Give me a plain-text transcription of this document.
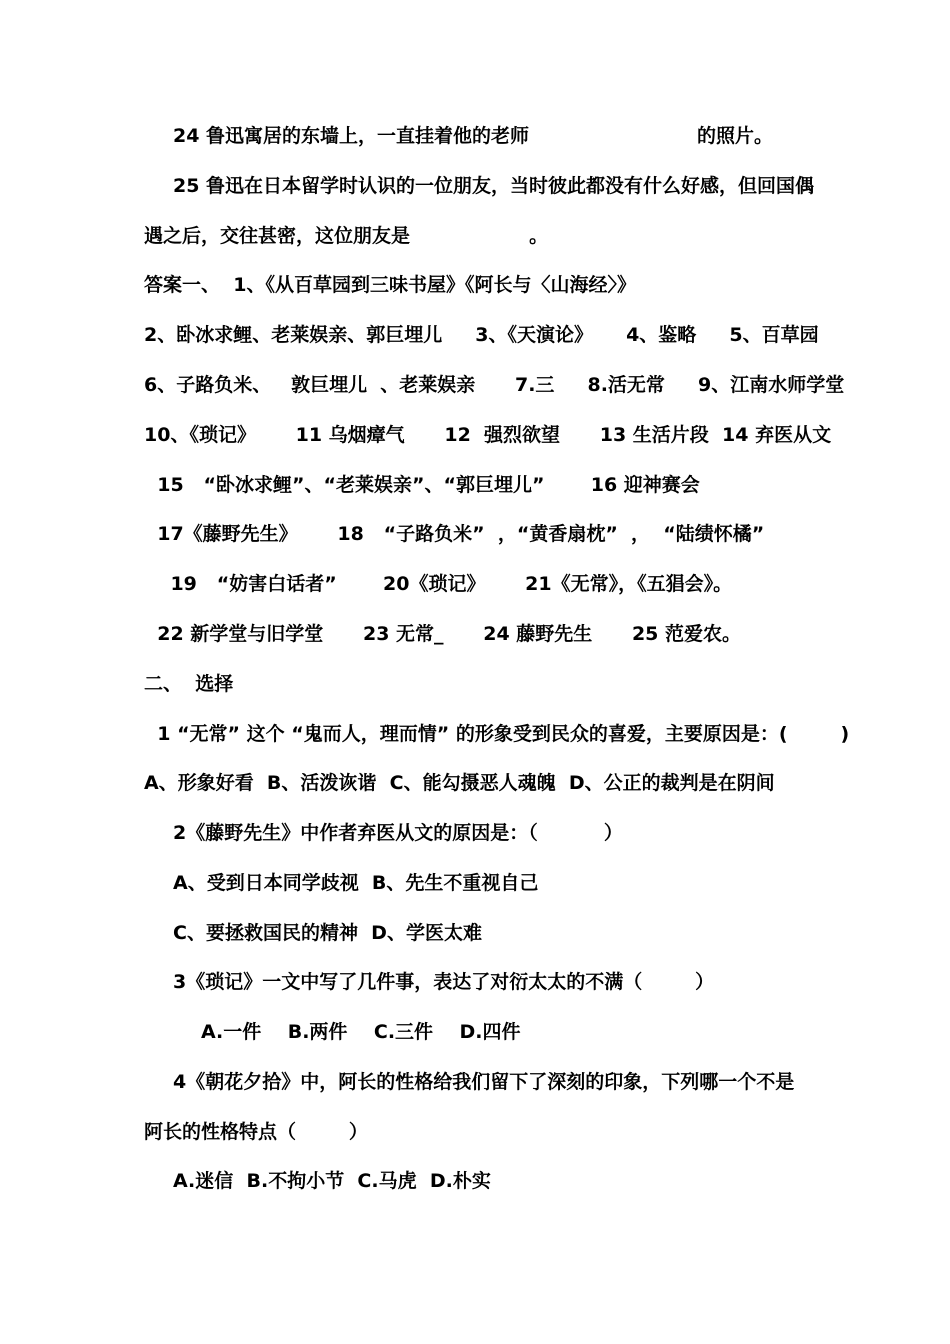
24 鲁迅寓居的东墙上，一直挂着他的老师	的照片。

25 鲁迅在日本留学时认识的一位朋友，当时彼此都没有什么好感，但回国偶

遇之后，交往甚密，这位朋友是                  。

答案一、  1、《从百草园到三味书屋》《阿长与〈山海经〉》

2、卧冰求鲤、老莱娱亲、郭巨埋儿     3、《天演论》     4、鉴略     5、百草园

6、子路负米、   敦巨埋儿  、老莱娱亲      7.三     8.活无常     9、江南水师学堂

10、《琐记》      11 乌烟瘴气      12  强烈欲望      13 生活片段  14 弃医从文

15   “卧冰求鲤”、“老莱娱亲”、“郭巨埋儿”       16 迎神赛会

17《藤野先生》      18   “子路负米”  ，“黄香扇枕”  ，  “陆绩怀橘”

19   “妨害白话者”       20《琐记》      21《无常》，《五猖会》。

22 新学堂与旧学堂      23 无常_      24 藤野先生      25 范爱农。

二、  选择

1 “无常” 这个 “鬼而人，理而情” 的形象受到民众的喜爱，主要原因是：(        )

A、形象好看  B、活泼诙谐  C、能勾摄恶人魂魄  D、公正的裁判是在阴间

2《藤野先生》中作者弃医从文的原因是：（          ）

A、受到日本同学歧视  B、先生不重视自己

C、要拯救国民的精神  D、学医太难

3《琐记》一文中写了几件事，表达了对衍太太的不满（        ）

A.一件    B.两件    C.三件    D.四件

4《朝花夕拾》中，阿长的性格给我们留下了深刻的印象，下列哪一个不是

阿长的性格特点（        ）

A.迷信  B.不拘小节  C.马虎  D.朴实
